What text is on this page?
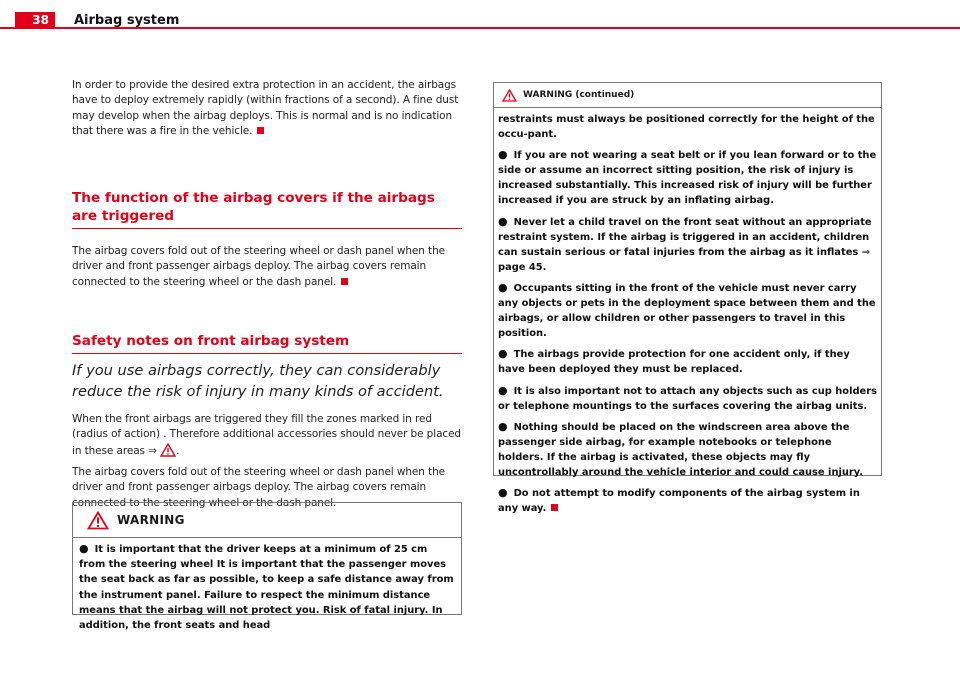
38	Airbag system

In order to provide the desired extra protection in an accident, the airbags have to deploy extremely rapidly (within fractions of a second). A fine dust may develop when the airbag deploys. This is normal and is no indication that there was a fire in the vehicle.

The function of the airbag covers if the airbags are triggered

The airbag covers fold out of the steering wheel or dash panel when the driver and front passenger airbags deploy. The airbag covers remain connected to the steering wheel or the dash panel.

Safety notes on front airbag system

If you use airbags correctly, they can considerably reduce the risk of injury in many kinds of accident.

When the front airbags are triggered they fill the zones marked in red (radius of action) . Therefore additional accessories should never be placed in these areas ⇒ .

The airbag covers fold out of the steering wheel or dash panel when the driver and front passenger airbags deploy. The airbag covers remain connected to the steering wheel or the dash panel.

WARNING

● It is important that the driver keeps at a minimum of 25 cm from the steering wheel It is important that the passenger moves the seat back as far as possible, to keep a safe distance away from the instrument panel. Failure to respect the minimum distance means that the airbag will not protect you. Risk of fatal injury. In addition, the front seats and head

WARNING (continued)

restraints must always be positioned correctly for the height of the occu-pant.

● If you are not wearing a seat belt or if you lean forward or to the side or assume an incorrect sitting position, the risk of injury is increased substantially. This increased risk of injury will be further increased if you are struck by an inflating airbag.

● Never let a child travel on the front seat without an appropriate restraint system. If the airbag is triggered in an accident, children can sustain serious or fatal injuries from the airbag as it inflates ⇒ page 45.

● Occupants sitting in the front of the vehicle must never carry any objects or pets in the deployment space between them and the airbags, or allow children or other passengers to travel in this position.

● The airbags provide protection for one accident only, if they have been deployed they must be replaced.

● It is also important not to attach any objects such as cup holders or telephone mountings to the surfaces covering the airbag units.

● Nothing should be placed on the windscreen area above the passenger side airbag, for example notebooks or telephone holders. If the airbag is activated, these objects may fly uncontrollably around the vehicle interior and could cause injury.

● Do not attempt to modify components of the airbag system in any way.
